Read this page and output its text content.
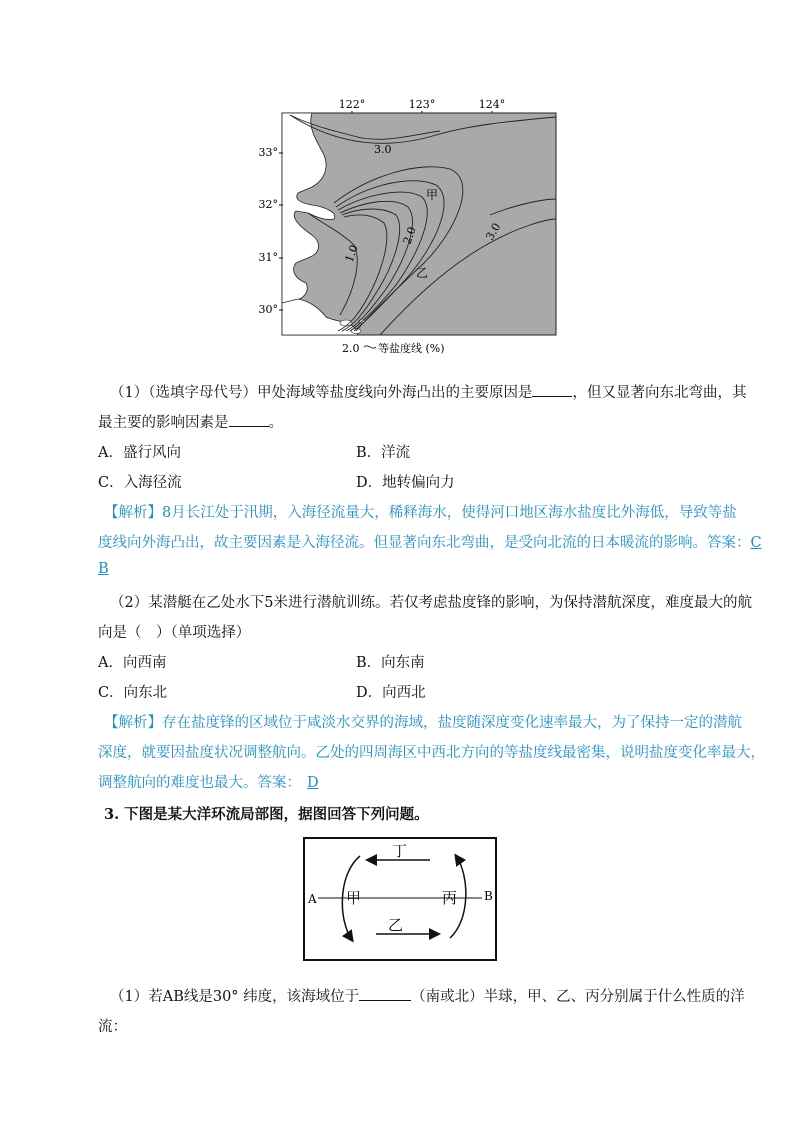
122°	123°	124°
33°
32°
31°
30°
3.0
3.0
2.0
1.0
甲
乙
2.0 等盐度线 (%)
（1）（选填字母代号）甲处海域等盐度线向外海凸出的主要原因是	，但又显著向东北弯曲，其
最主要的影响因素是	。
A．盛行风向	B．洋流
C．入海径流	D．地转偏向力
【解析】8月长江处于汛期，入海径流量大，稀释海水，使得河口地区海水盐度比外海低，导致等盐
度线向外海凸出，故主要因素是入海径流。但显著向东北弯曲，是受向北流的日本暖流的影响。答案：C
B
（2）某潜艇在乙处水下5米进行潜航训练。若仅考虑盐度锋的影响，为保持潜航深度，难度最大的航
向是（　）（单项选择）
A．向西南	B．向东南
C．向东北	D．向西北
【解析】存在盐度锋的区域位于咸淡水交界的海域，盐度随深度变化速率最大，为了保持一定的潜航
深度，就要因盐度状况调整航向。乙处的四周海区中西北方向的等盐度线最密集，说明盐度变化率最大，
调整航向的难度也最大。答案： D
3. 下图是某大洋环流局部图，据图回答下列问题。
丁
甲
乙
丙
A	B
（1）若AB线是30° 纬度，该海域位于	（南或北）半球，甲、乙、丙分别属于什么性质的洋
流：
